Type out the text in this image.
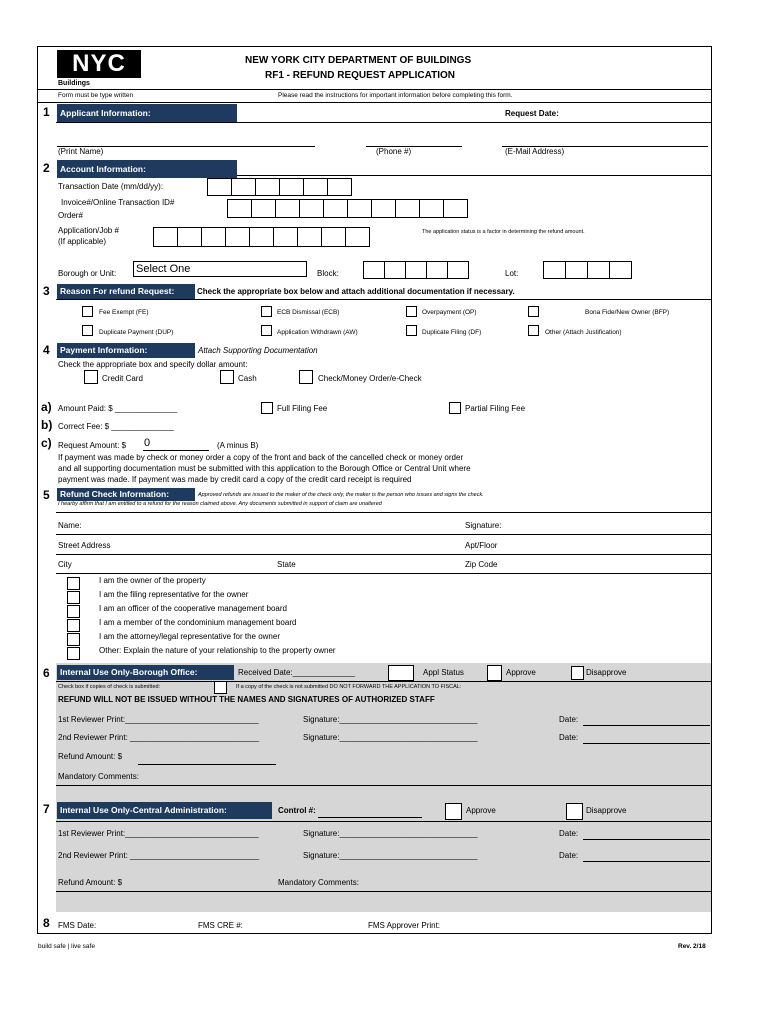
NYC
Buildings
NEW YORK CITY DEPARTMENT OF BUILDINGS
RF1 - REFUND REQUEST APPLICATION
Form must be type written	Please read the instructions for important information before completing this form.
1	Applicant Information:	Request Date:
(Print Name)	(Phone #)	(E-Mail Address)
2	Account Information:
Transaction Date (mm/dd/yy):
Invoice#/Online Transaction ID#
Order#
Application/Job #
(If applicable)
The application status is a factor in determining the refund amount.
Borough or Unit: Select One	Block:	Lot:
3	Reason For refund Request:	Check the appropriate box below and attach additional documentation if necessary.
Fee Exempt (FE)	ECB Dismissal (ECB)	Overpayment (OP)	Bona Fide/New Owner (BFP)
Duplicate Payment (DUP)	Application Withdrawn (AW)	Duplicate Filing (DF)	Other (Attach Justification)
4	Payment Information:	Attach Supporting Documentation
Check the appropriate box and specify dollar amount:
Credit Card	Cash	Check/Money Order/e-Check
a) Amount Paid: $ ______________	Full Filing Fee	Partial Filing Fee
b) Correct Fee: $ ______________
c) Request Amount: $ 0	(A minus B)
If payment was made by check or money order a copy of the front and back of the cancelled check or money order
and all supporting documentation must be submitted with this application to the Borough Office or Central Unit where
payment was made. If payment was made by credit card a copy of the credit card receipt is required
5	Refund Check Information:	Approved refunds are issued to the maker of the check only, the maker is the person who issues and signs the check.
I hearby affirm that I am entitled to a refund for the reason claimed above. Any documents submitted in support of claim are unaltered
Name:	Signature:
Street Address	Apt/Floor
City	State	Zip Code
I am the owner of the property
I am the filing representative for the owner
I am an officer of the cooperative management board
I am a member of the condominium management board
I am the attorney/legal representative for the owner
Other: Explain the nature of your relationship to the property owner
6	Internal Use Only-Borough Office:	Received Date:______________	Appl Status	Approve	Disapprove
Check box if copies of check is submitted:	If a copy of the check is not submitted DO NOT FORWARD THE APPLICATION TO FISCAL:
REFUND WILL NOT BE ISSUED WITHOUT THE NAMES AND SIGNATURES OF AUTHORIZED STAFF
1st Reviewer Print:______________________________	Signature:_______________________________	Date:
2nd Reviewer Print: _____________________________	Signature:_______________________________	Date:
Refund Amount: $
Mandatory Comments:
7	Internal Use Only-Central Administration:	Control #:	Approve	Disapprove
1st Reviewer Print:______________________________	Signature:_______________________________	Date:
2nd Reviewer Print: _____________________________	Signature:_______________________________	Date:
Refund Amount: $	Mandatory Comments:
8 FMS Date:	FMS CRE #:	FMS Approver Print:
build safe | live safe	Rev. 2/18
